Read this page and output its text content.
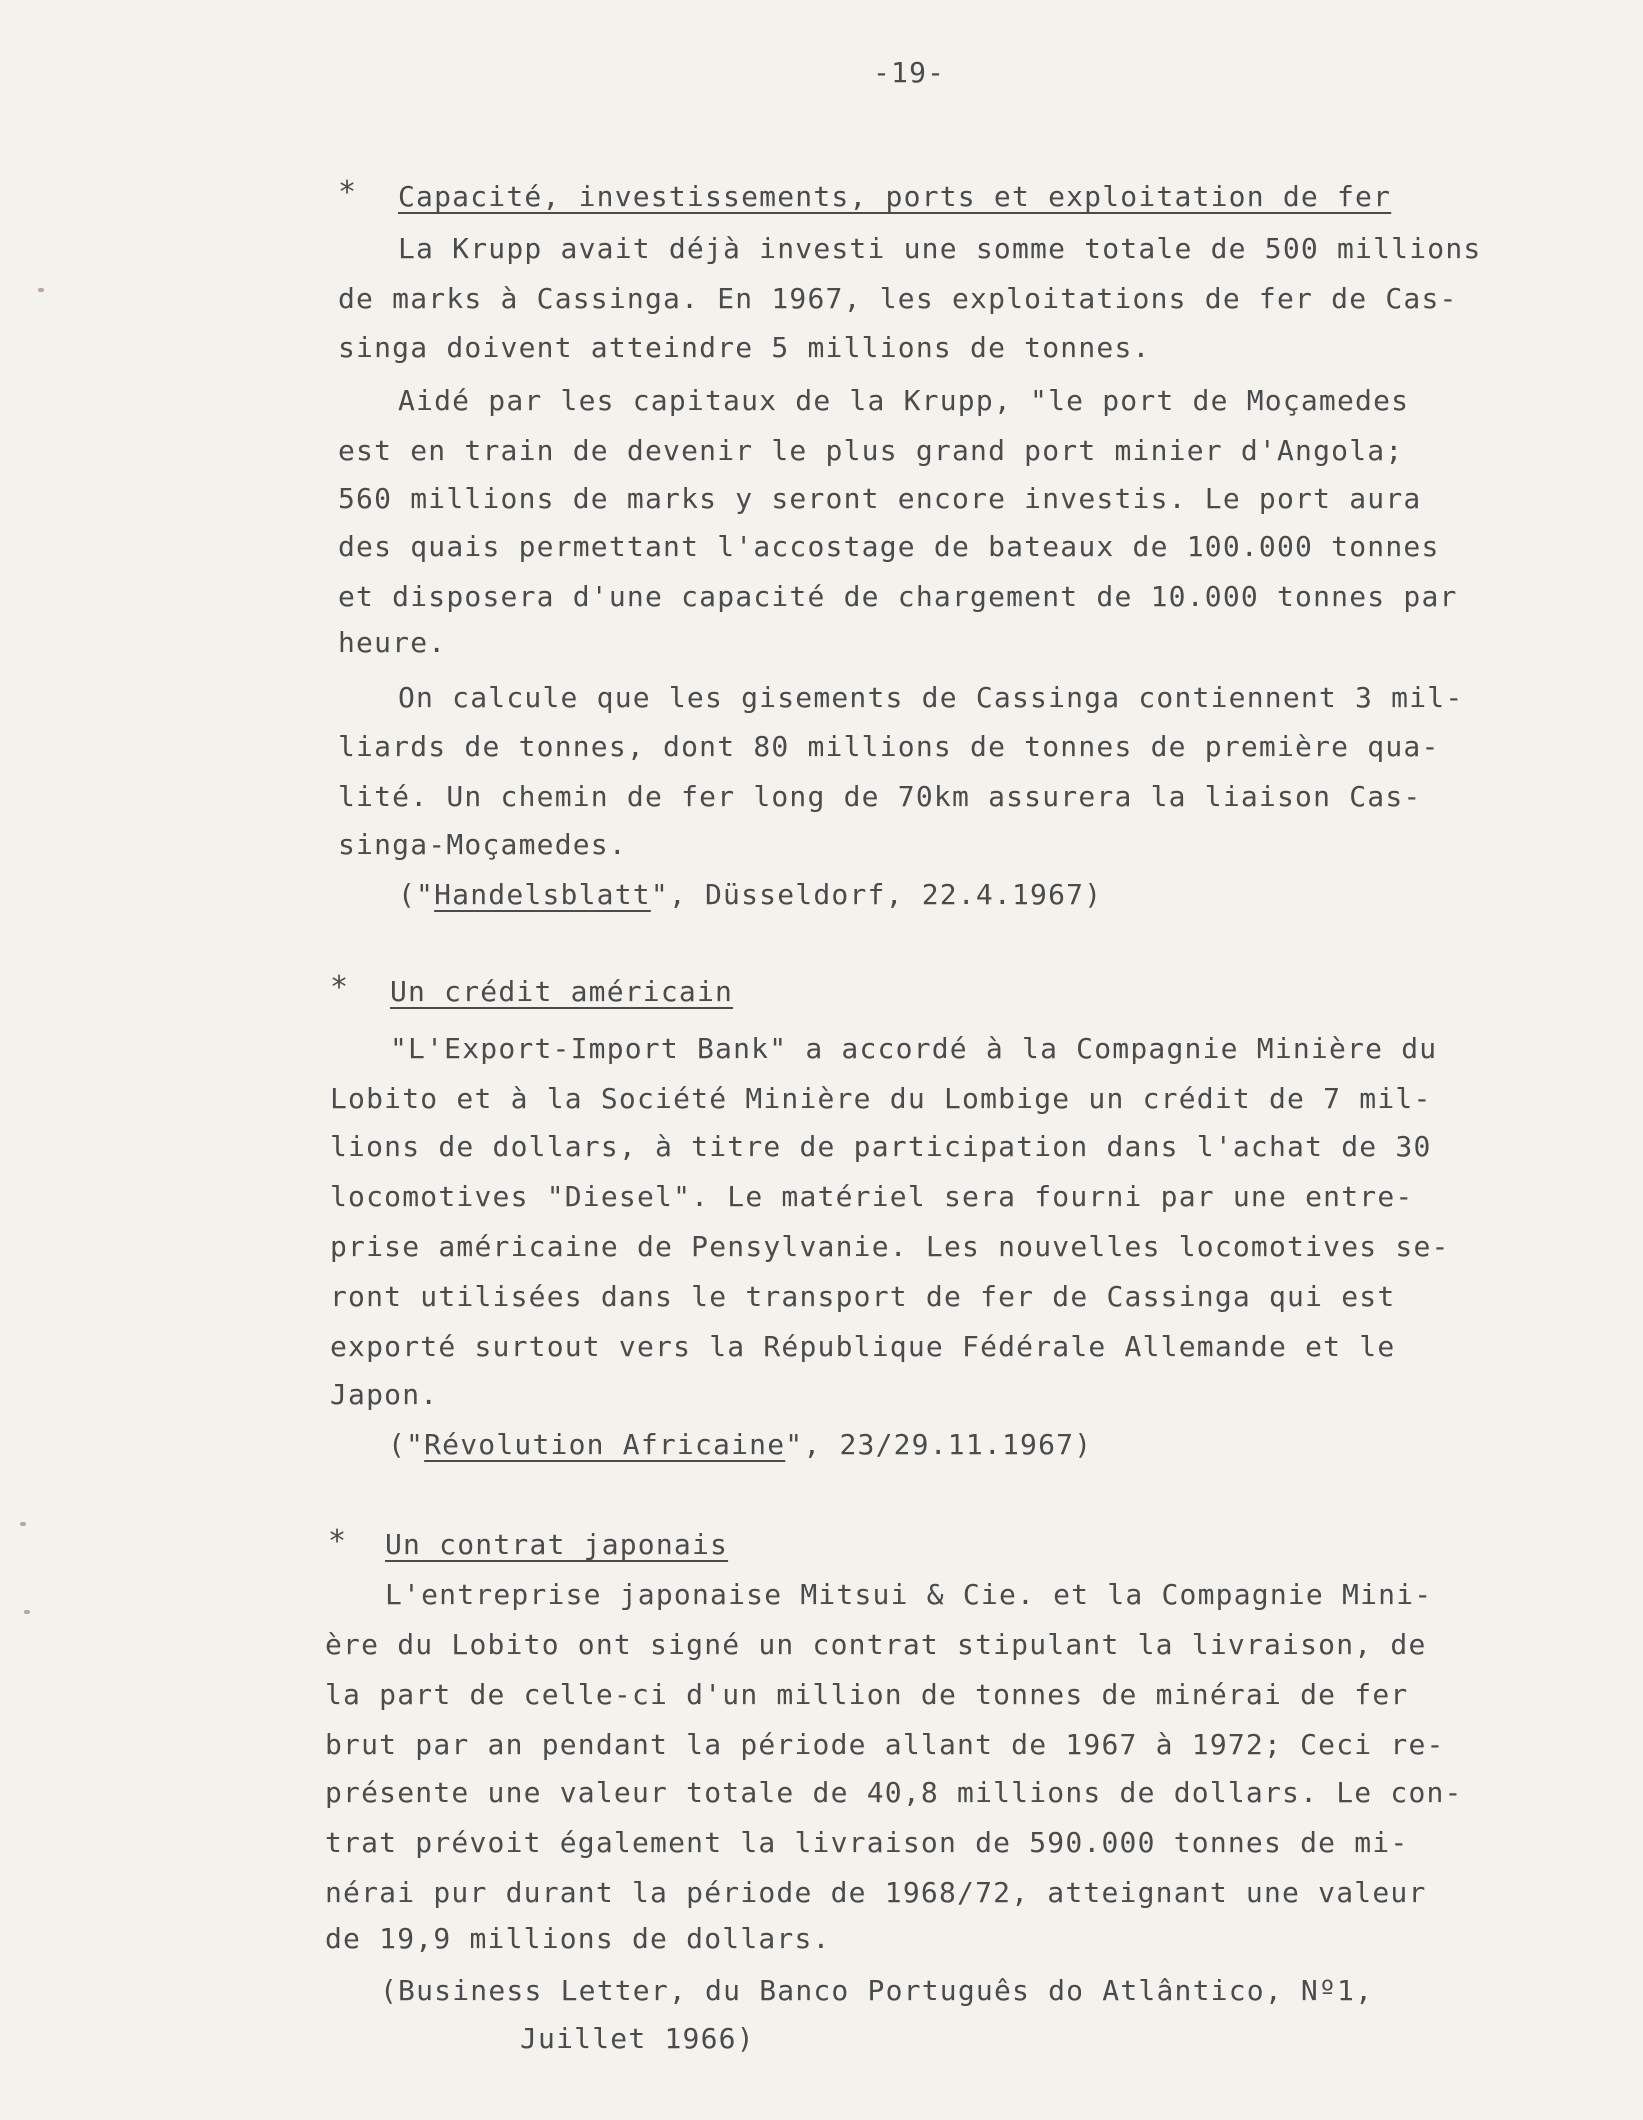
-19-
* Capacité, investissements, ports et exploitation de fer
La Krupp avait déjà investi une somme totale de 500 millions
de marks à Cassinga. En 1967, les exploitations de fer de Cas-
singa doivent atteindre 5 millions de tonnes.
Aidé par les capitaux de la Krupp, "le port de Moçamedes
est en train de devenir le plus grand port minier d'Angola;
560 millions de marks y seront encore investis. Le port aura
des quais permettant l'accostage de bateaux de 100.000 tonnes
et disposera d'une capacité de chargement de 10.000 tonnes par
heure.
On calcule que les gisements de Cassinga contiennent 3 mil-
liards de tonnes, dont 80 millions de tonnes de première qua-
lité. Un chemin de fer long de 70km assurera la liaison Cas-
singa-Moçamedes.
("Handelsblatt", Düsseldorf, 22.4.1967)
* Un crédit américain
"L'Export-Import Bank" a accordé à la Compagnie Minière du
Lobito et à la Société Minière du Lombige un crédit de 7 mil-
lions de dollars, à titre de participation dans l'achat de 30
locomotives "Diesel". Le matériel sera fourni par une entre-
prise américaine de Pensylvanie. Les nouvelles locomotives se-
ront utilisées dans le transport de fer de Cassinga qui est
exporté surtout vers la République Fédérale Allemande et le
Japon.
("Révolution Africaine", 23/29.11.1967)
* Un contrat japonais
L'entreprise japonaise Mitsui & Cie. et la Compagnie Mini-
ère du Lobito ont signé un contrat stipulant la livraison, de
la part de celle-ci d'un million de tonnes de minérai de fer
brut par an pendant la période allant de 1967 à 1972; Ceci re-
présente une valeur totale de 40,8 millions de dollars. Le con-
trat prévoit également la livraison de 590.000 tonnes de mi-
nérai pur durant la période de 1968/72, atteignant une valeur
de 19,9 millions de dollars.
(Business Letter, du Banco Português do Atlântico, Nº1,
Juillet 1966)
